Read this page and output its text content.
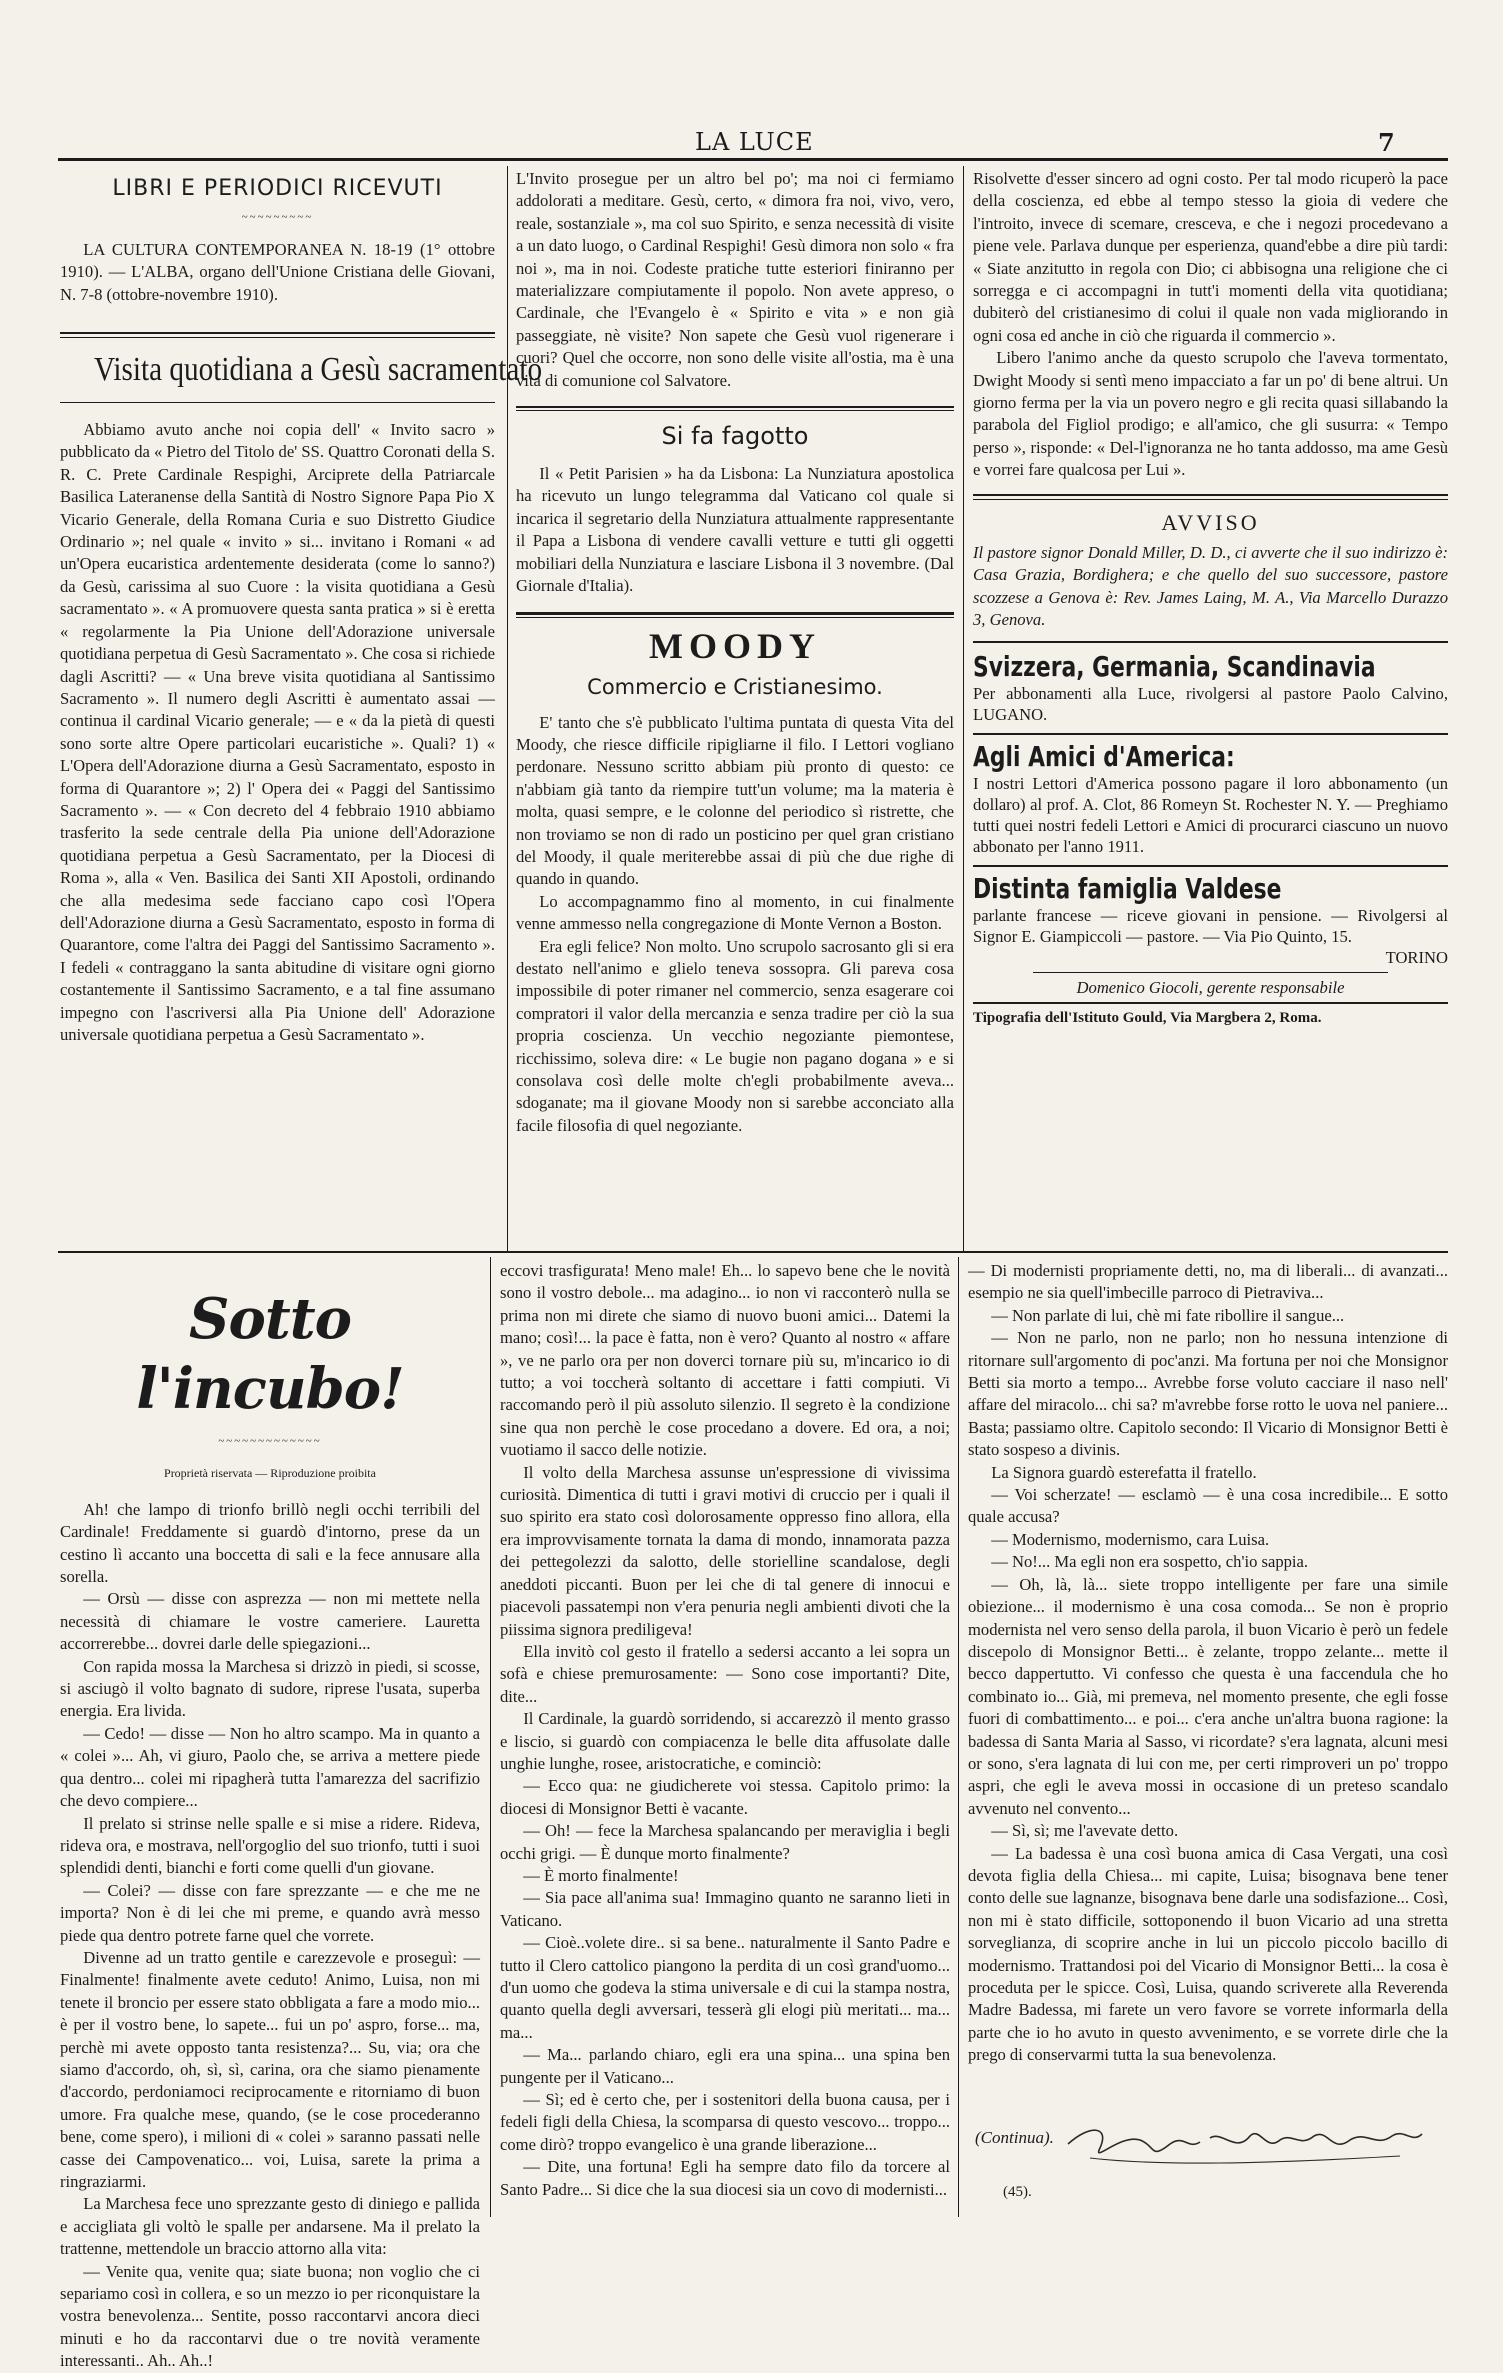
LA LUCE	7
LIBRI E PERIODICI RICEVUTI
~~~~~~~~~

LA CULTURA CONTEMPORANEA N. 18-19 (1° ottobre 1910). — L'ALBA, organo dell'Unione Cristiana delle Giovani, N. 7-8 (ottobre-novembre 1910).

Visita quotidiana a Gesù sacramentato

Abbiamo avuto anche noi copia dell' « Invito sacro » pubblicato da « Pietro del Titolo de' SS. Quattro Coronati della S. R. C. Prete Cardinale Respighi, Arciprete della Patriarcale Basilica Lateranense della Santità di Nostro Signore Papa Pio X Vicario Generale, della Romana Curia e suo Distretto Giudice Ordinario »; nel quale « invito » si... invitano i Romani « ad un'Opera eucaristica ardentemente desiderata (come lo sanno?) da Gesù, carissima al suo Cuore : la visita quotidiana a Gesù sacramentato ». « A promuovere questa santa pratica » si è eretta « regolarmente la Pia Unione dell'Adorazione universale quotidiana perpetua di Gesù Sacramentato ». Che cosa si richiede dagli Ascritti? — « Una breve visita quotidiana al Santissimo Sacramento ». Il numero degli Ascritti è aumentato assai — continua il cardinal Vicario generale; — e « da la pietà di questi sono sorte altre Opere particolari eucaristiche ». Quali? 1) « L'Opera dell'Adorazione diurna a Gesù Sacramentato, esposto in forma di Quarantore »; 2) l' Opera dei « Paggi del Santissimo Sacramento ». — « Con decreto del 4 febbraio 1910 abbiamo trasferito la sede centrale della Pia unione dell'Adorazione quotidiana perpetua a Gesù Sacramentato, per la Diocesi di Roma », alla « Ven. Basilica dei Santi XII Apostoli, ordinando che alla medesima sede facciano capo così l'Opera dell'Adorazione diurna a Gesù Sacramentato, esposto in forma di Quarantore, come l'altra dei Paggi del Santissimo Sacramento ». I fedeli « contraggano la santa abitudine di visitare ogni giorno costantemente il Santissimo Sacramento, e a tal fine assumano impegno con l'ascriversi alla Pia Unione dell' Adorazione universale quotidiana perpetua a Gesù Sacramentato ».

L'Invito prosegue per un altro bel po'; ma noi ci fermiamo addolorati a meditare. Gesù, certo, « dimora fra noi, vivo, vero, reale, sostanziale », ma col suo Spirito, e senza necessità di visite a un dato luogo, o Cardinal Respighi! Gesù dimora non solo « fra noi », ma in noi. Codeste pratiche tutte esteriori finiranno per materializzare compiutamente il popolo. Non avete appreso, o Cardinale, che l'Evangelo è « Spirito e vita » e non già passeggiate, nè visite? Non sapete che Gesù vuol rigenerare i cuori? Quel che occorre, non sono delle visite all'ostia, ma è una vita di comunione col Salvatore.

Si fa fagotto

Il « Petit Parisien » ha da Lisbona: La Nunziatura apostolica ha ricevuto un lungo telegramma dal Vaticano col quale si incarica il segretario della Nunziatura attualmente rappresentante il Papa a Lisbona di vendere cavalli vetture e tutti gli oggetti mobiliari della Nunziatura e lasciare Lisbona il 3 novembre. (Dal Giornale d'Italia).

MOODY
Commercio e Cristianesimo.

E' tanto che s'è pubblicato l'ultima puntata di questa Vita del Moody, che riesce difficile ripigliarne il filo. I Lettori vogliano perdonare. Nessuno scritto abbiam più pronto di questo: ce n'abbiam già tanto da riempire tutt'un volume; ma la materia è molta, quasi sempre, e le colonne del periodico sì ristrette, che non troviamo se non di rado un posticino per quel gran cristiano del Moody, il quale meriterebbe assai di più che due righe di quando in quando.

Lo accompagnammo fino al momento, in cui finalmente venne ammesso nella congregazione di Monte Vernon a Boston.

Era egli felice? Non molto. Uno scrupolo sacrosanto gli si era destato nell'animo e glielo teneva sossopra. Gli pareva cosa impossibile di poter rimaner nel commercio, senza esagerare coi compratori il valor della mercanzia e senza tradire per ciò la sua propria coscienza. Un vecchio negoziante piemontese, ricchissimo, soleva dire: « Le bugie non pagano dogana » e si consolava così delle molte ch'egli probabilmente aveva... sdoganate; ma il giovane Moody non si sarebbe acconciato alla facile filosofia di quel negoziante.

Risolvette d'esser sincero ad ogni costo. Per tal modo ricuperò la pace della coscienza, ed ebbe al tempo stesso la gioia di vedere che l'introito, invece di scemare, cresceva, e che i negozi procedevano a piene vele. Parlava dunque per esperienza, quand'ebbe a dire più tardi: « Siate anzitutto in regola con Dio; ci abbisogna una religione che ci sorregga e ci accompagni in tutt'i momenti della vita quotidiana; dubiterò del cristianesimo di colui il quale non vada migliorando in ogni cosa ed anche in ciò che riguarda il commercio ».

Libero l'animo anche da questo scrupolo che l'aveva tormentato, Dwight Moody si sentì meno impacciato a far un po' di bene altrui. Un giorno ferma per la via un povero negro e gli recita quasi sillabando la parabola del Figliol prodigo; e all'amico, che gli susurra: « Tempo perso », risponde: « Del-l'ignoranza ne ho tanta addosso, ma ame Gesù e vorrei fare qualcosa per Lui ».

AVVISO

Il pastore signor Donald Miller, D. D., ci avverte che il suo indirizzo è: Casa Grazia, Bordighera; e che quello del suo successore, pastore scozzese a Genova è: Rev. James Laing, M. A., Via Marcello Durazzo 3, Genova.

Svizzera, Germania, Scandinavia
Per abbonamenti alla Luce, rivolgersi al pastore Paolo Calvino, LUGANO.
Agli Amici d'America:
I nostri Lettori d'America possono pagare il loro abbonamento (un dollaro) al prof. A. Clot, 86 Romeyn St. Rochester N. Y. — Preghiamo tutti quei nostri fedeli Lettori e Amici di procurarci ciascuno un nuovo abbonato per l'anno 1911.
Distinta famiglia Valdese
parlante francese — riceve giovani in pensione. — Rivolgersi al Signor E. Giampiccoli — pastore. — Via Pio Quinto, 15.
TORINO
Domenico Giocoli, gerente responsabile
Tipografia dell'Istituto Gould, Via Margbera 2, Roma.
Sotto l'incubo!
~~~~~~~~~~~~~
Proprietà riservata — Riproduzione proibita

Ah! che lampo di trionfo brillò negli occhi terribili del Cardinale! Freddamente si guardò d'intorno, prese da un cestino lì accanto una boccetta di sali e la fece annusare alla sorella.

— Orsù — disse con asprezza — non mi mettete nella necessità di chiamare le vostre cameriere. Lauretta accorrerebbe... dovrei darle delle spiegazioni...

Con rapida mossa la Marchesa si drizzò in piedi, si scosse, si asciugò il volto bagnato di sudore, riprese l'usata, superba energia. Era livida.

— Cedo! — disse — Non ho altro scampo. Ma in quanto a « colei »... Ah, vi giuro, Paolo che, se arriva a mettere piede qua dentro... colei mi ripagherà tutta l'amarezza del sacrifizio che devo compiere...

Il prelato si strinse nelle spalle e si mise a ridere. Rideva, rideva ora, e mostrava, nell'orgoglio del suo trionfo, tutti i suoi splendidi denti, bianchi e forti come quelli d'un giovane.

— Colei? — disse con fare sprezzante — e che me ne importa? Non è di lei che mi preme, e quando avrà messo piede qua dentro potrete farne quel che vorrete.

Divenne ad un tratto gentile e carezzevole e proseguì: — Finalmente! finalmente avete ceduto! Animo, Luisa, non mi tenete il broncio per essere stato obbligata a fare a modo mio... è per il vostro bene, lo sapete... fui un po' aspro, forse... ma, perchè mi avete opposto tanta resistenza?... Su, via; ora che siamo d'accordo, oh, sì, sì, carina, ora che siamo pienamente d'accordo, perdoniamoci reciprocamente e ritorniamo di buon umore. Fra qualche mese, quando, (se le cose procederanno bene, come spero), i milioni di « colei » saranno passati nelle casse dei Campovenatico... voi, Luisa, sarete la prima a ringraziarmi.

La Marchesa fece uno sprezzante gesto di diniego e pallida e accigliata gli voltò le spalle per andarsene. Ma il prelato la trattenne, mettendole un braccio attorno alla vita:

— Venite qua, venite qua; siate buona; non voglio che ci separiamo così in collera, e so un mezzo io per riconquistare la vostra benevolenza... Sentite, posso raccontarvi ancora dieci minuti e ho da raccontarvi due o tre novità veramente interessanti.. Ah.. Ah..!

eccovi trasfigurata! Meno male! Eh... lo sapevo bene che le novità sono il vostro debole... ma adagino... io non vi racconterò nulla se prima non mi direte che siamo di nuovo buoni amici... Datemi la mano; così!... la pace è fatta, non è vero? Quanto al nostro « affare », ve ne parlo ora per non doverci tornare più su, m'incarico io di tutto; a voi toccherà soltanto di accettare i fatti compiuti. Vi raccomando però il più assoluto silenzio. Il segreto è la condizione sine qua non perchè le cose procedano a dovere. Ed ora, a noi; vuotiamo il sacco delle notizie.

Il volto della Marchesa assunse un'espressione di vivissima curiosità. Dimentica di tutti i gravi motivi di cruccio per i quali il suo spirito era stato così dolorosamente oppresso fino allora, ella era improvvisamente tornata la dama di mondo, innamorata pazza dei pettegolezzi da salotto, delle storielline scandalose, degli aneddoti piccanti. Buon per lei che di tal genere di innocui e piacevoli passatempi non v'era penuria negli ambienti divoti che la piissima signora prediligeva!

Ella invitò col gesto il fratello a sedersi accanto a lei sopra un sofà e chiese premurosamente: — Sono cose importanti? Dite, dite...

Il Cardinale, la guardò sorridendo, si accarezzò il mento grasso e liscio, si guardò con compiacenza le belle dita affusolate dalle unghie lunghe, rosee, aristocratiche, e cominciò:

— Ecco qua: ne giudicherete voi stessa. Capitolo primo: la diocesi di Monsignor Betti è vacante.

— Oh! — fece la Marchesa spalancando per meraviglia i begli occhi grigi. — È dunque morto finalmente?

— È morto finalmente!

— Sia pace all'anima sua! Immagino quanto ne saranno lieti in Vaticano.

— Cioè..volete dire.. si sa bene.. naturalmente il Santo Padre e tutto il Clero cattolico piangono la perdita di un così grand'uomo... d'un uomo che godeva la stima universale e di cui la stampa nostra, quanto quella degli avversari, tesserà gli elogi più meritati... ma... ma...

— Ma... parlando chiaro, egli era una spina... una spina ben pungente per il Vaticano...

— Sì; ed è certo che, per i sostenitori della buona causa, per i fedeli figli della Chiesa, la scomparsa di questo vescovo... troppo... come dirò? troppo evangelico è una grande liberazione...

— Dite, una fortuna! Egli ha sempre dato filo da torcere al Santo Padre... Si dice che la sua diocesi sia un covo di modernisti...

— Di modernisti propriamente detti, no, ma di liberali... di avanzati... esempio ne sia quell'imbecille parroco di Pietraviva...

— Non parlate di lui, chè mi fate ribollire il sangue...

— Non ne parlo, non ne parlo; non ho nessuna intenzione di ritornare sull'argomento di poc'anzi. Ma fortuna per noi che Monsignor Betti sia morto a tempo... Avrebbe forse voluto cacciare il naso nell' affare del miracolo... chi sa? m'avrebbe forse rotto le uova nel paniere... Basta; passiamo oltre. Capitolo secondo: Il Vicario di Monsignor Betti è stato sospeso a divinis.

La Signora guardò esterefatta il fratello.

— Voi scherzate! — esclamò — è una cosa incredibile... E sotto quale accusa?

— Modernismo, modernismo, cara Luisa.

— No!... Ma egli non era sospetto, ch'io sappia.

— Oh, là, là... siete troppo intelligente per fare una simile obiezione... il modernismo è una cosa comoda... Se non è proprio modernista nel vero senso della parola, il buon Vicario è però un fedele discepolo di Monsignor Betti... è zelante, troppo zelante... mette il becco dappertutto. Vi confesso che questa è una faccendula che ho combinato io... Già, mi premeva, nel momento presente, che egli fosse fuori di combattimento... e poi... c'era anche un'altra buona ragione: la badessa di Santa Maria al Sasso, vi ricordate? s'era lagnata, alcuni mesi or sono, s'era lagnata di lui con me, per certi rimproveri un po' troppo aspri, che egli le aveva mossi in occasione di un preteso scandalo avvenuto nel convento...

— Sì, sì; me l'avevate detto.

— La badessa è una così buona amica di Casa Vergati, una così devota figlia della Chiesa... mi capite, Luisa; bisognava bene tener conto delle sue lagnanze, bisognava bene darle una sodisfazione... Così, non mi è stato difficile, sottoponendo il buon Vicario ad una stretta sorveglianza, di scoprire anche in lui un piccolo piccolo bacillo di modernismo. Trattandosi poi del Vicario di Monsignor Betti... la cosa è proceduta per le spicce. Così, Luisa, quando scriverete alla Reverenda Madre Badessa, mi farete un vero favore se vorrete informarla della parte che io ho avuto in questo avvenimento, e se vorrete dirle che la prego di conservarmi tutta la sua benevolenza.

(Continua).
(45).
